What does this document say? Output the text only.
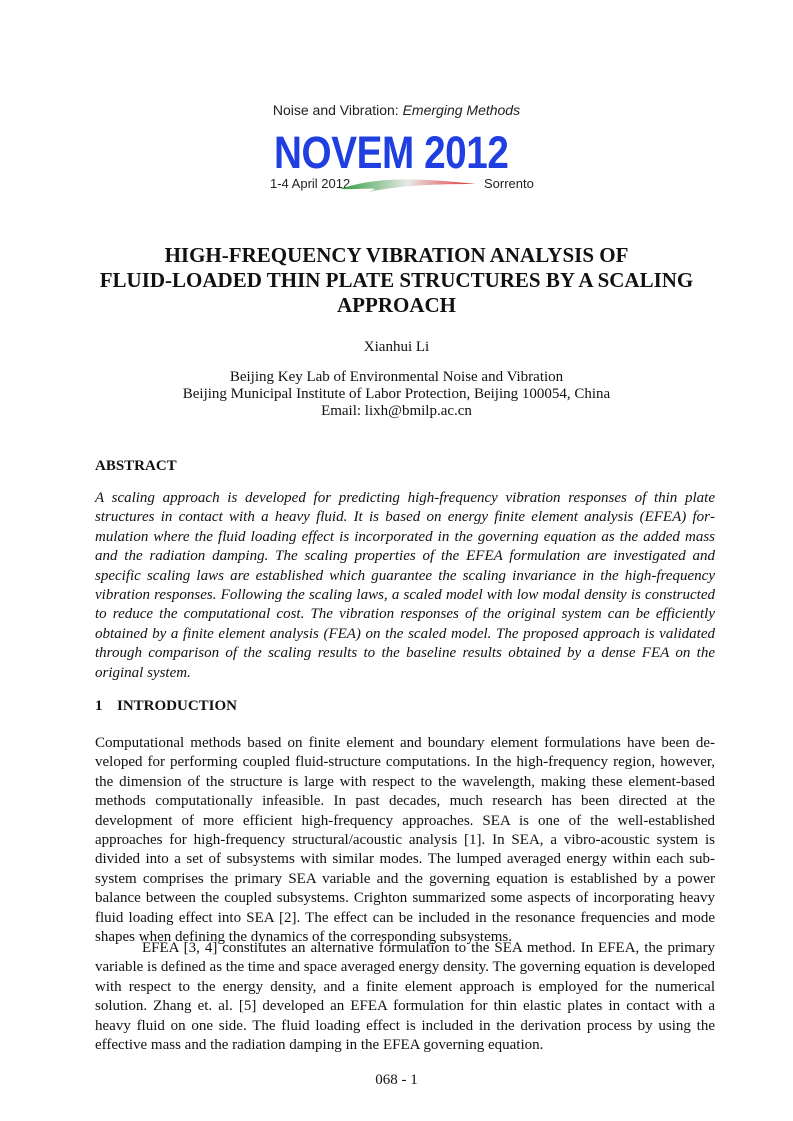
Noise and Vibration: Emerging Methods
NOVEM 2012
1-4 April 2012	Sorrento
HIGH-FREQUENCY VIBRATION ANALYSIS OF
FLUID-LOADED THIN PLATE STRUCTURES BY A SCALING
APPROACH
Xianhui Li
Beijing Key Lab of Environmental Noise and Vibration
Beijing Municipal Institute of Labor Protection, Beijing 100054, China
Email: lixh@bmilp.ac.cn
ABSTRACT
A scaling approach is developed for predicting high-frequency vibration responses of thin plate structures in contact with a heavy fluid. It is based on energy finite element analysis (EFEA) formulation where the fluid loading effect is incorporated in the governing equation as the added mass and the radiation damping. The scaling properties of the EFEA formulation are investigated and specific scaling laws are established which guarantee the scaling invariance in the high-frequency vibration responses. Following the scaling laws, a scaled model with low modal density is constructed to reduce the computational cost. The vibration responses of the original system can be efficiently obtained by a finite element analysis (FEA) on the scaled model. The proposed approach is validated through comparison of the scaling results to the baseline results obtained by a dense FEA on the original system.
1 INTRODUCTION
Computational methods based on finite element and boundary element formulations have been developed for performing coupled fluid-structure computations. In the high-frequency region, however, the dimension of the structure is large with respect to the wavelength, making these element-based methods computationally infeasible. In past decades, much research has been directed at the development of more efficient high-frequency approaches. SEA is one of the well-established approaches for high-frequency structural/acoustic analysis [1]. In SEA, a vibro-acoustic system is divided into a set of subsystems with similar modes. The lumped averaged energy within each subsystem comprises the primary SEA variable and the governing equation is established by a power balance between the coupled subsystems. Crighton summarized some aspects of incorporating heavy fluid loading effect into SEA [2]. The effect can be included in the resonance frequencies and mode shapes when defining the dynamics of the corresponding subsystems.
EFEA [3, 4] constitutes an alternative formulation to the SEA method. In EFEA, the primary variable is defined as the time and space averaged energy density. The governing equation is developed with respect to the energy density, and a finite element approach is employed for the numerical solution. Zhang et. al. [5] developed an EFEA formulation for thin elastic plates in contact with a heavy fluid on one side. The fluid loading effect is included in the derivation process by using the effective mass and the radiation damping in the EFEA governing equation.
068 - 1
